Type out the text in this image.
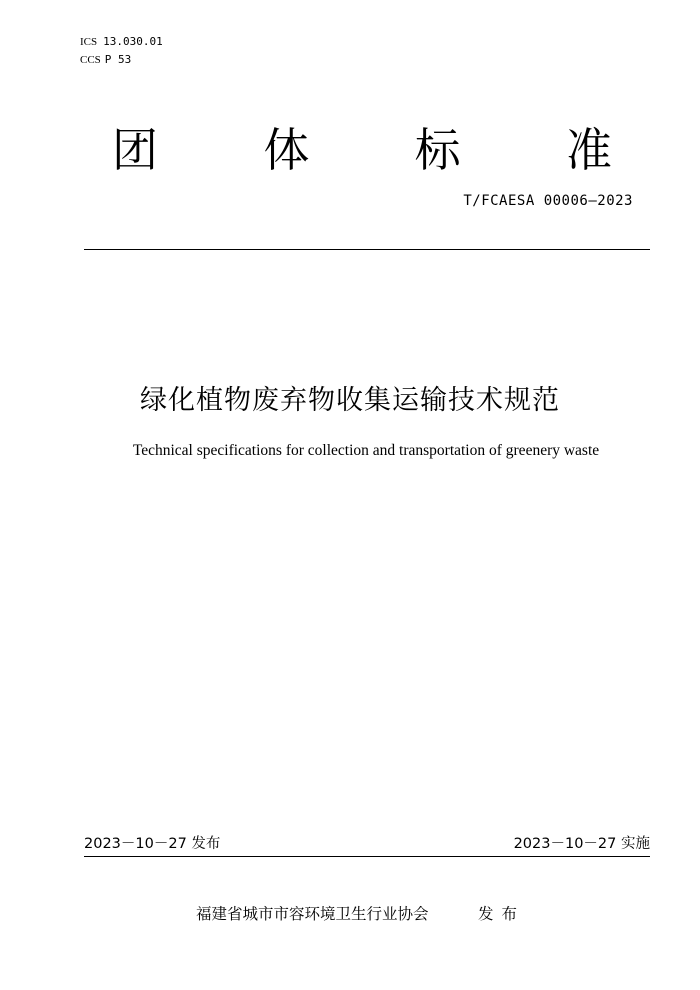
ICS 13.030.01
CCS P 53
团 体 标 准
T/FCAESA 00006—2023
绿化植物废弃物收集运输技术规范
Technical specifications for collection and transportation of greenery waste
2023－10－27 发布	2023－10－27 实施
福建省城市市容环境卫生行业协会	发布
